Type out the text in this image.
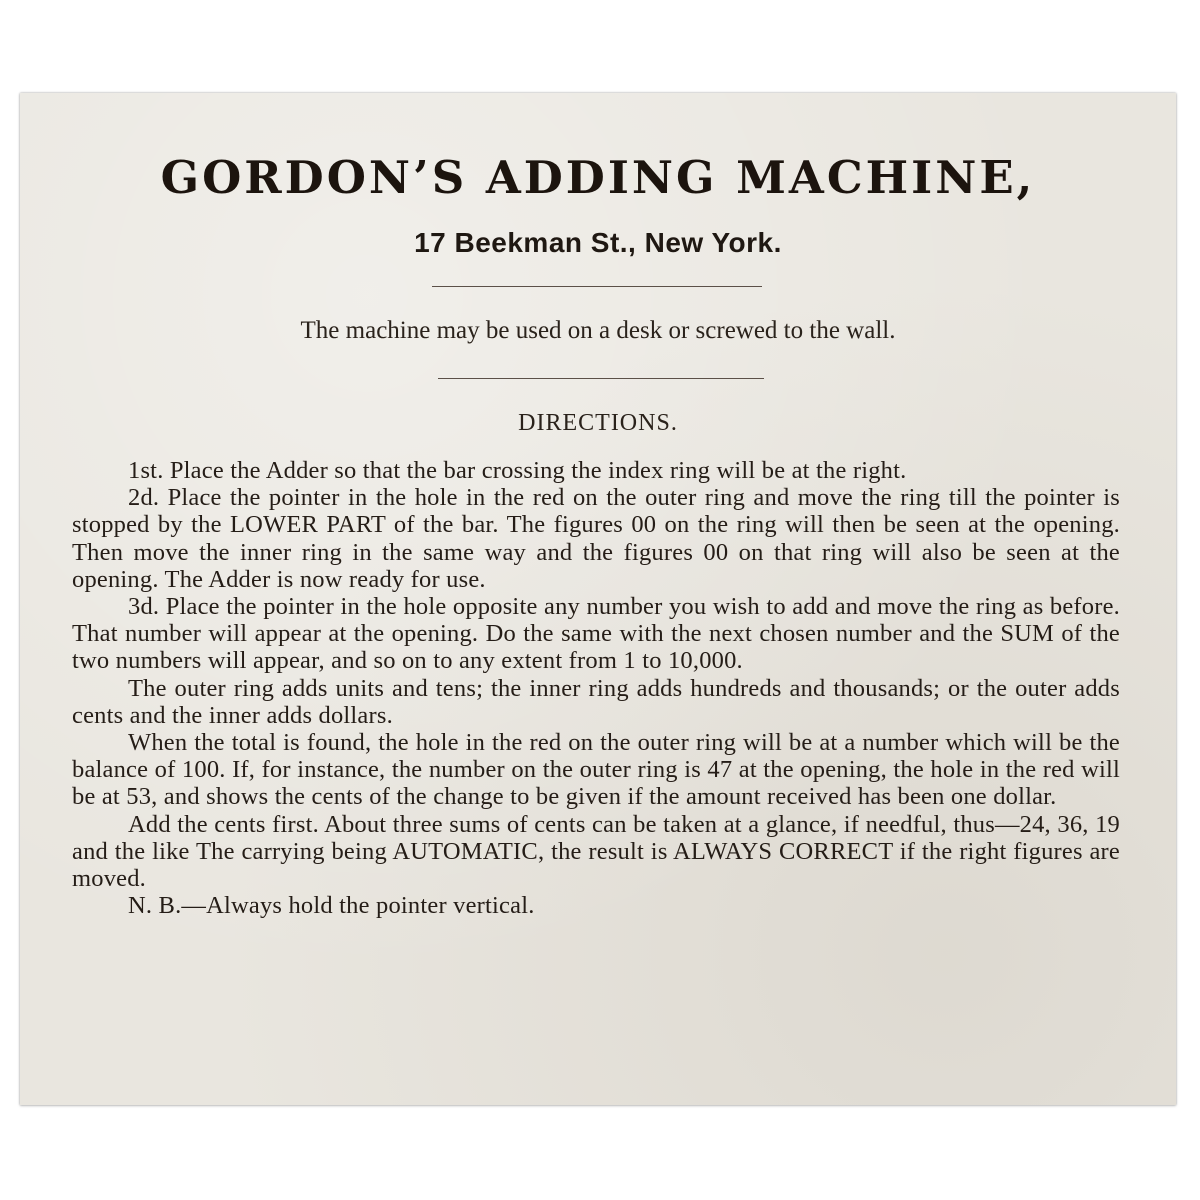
GORDON’S ADDING MACHINE,
17 Beekman St., New York.
The machine may be used on a desk or screwed to the wall.
DIRECTIONS.

1st. Place the Adder so that the bar crossing the index ring will be at the right.

2d. Place the pointer in the hole in the red on the outer ring and move the ring till the pointer is stopped by the LOWER PART of the bar. The figures 00 on the ring will then be seen at the opening. Then move the inner ring in the same way and the figures 00 on that ring will also be seen at the opening. The Adder is now ready for use.

3d. Place the pointer in the hole opposite any number you wish to add and move the ring as before. That number will appear at the opening. Do the same with the next chosen number and the SUM of the two numbers will appear, and so on to any extent from 1 to 10,000.

The outer ring adds units and tens; the inner ring adds hundreds and thousands; or the outer adds cents and the inner adds dollars.

When the total is found, the hole in the red on the outer ring will be at a number which will be the balance of 100. If, for instance, the number on the outer ring is 47 at the opening, the hole in the red will be at 53, and shows the cents of the change to be given if the amount received has been one dollar.

Add the cents first. About three sums of cents can be taken at a glance, if needful, thus—24, 36, 19 and the like The carrying being AUTOMATIC, the result is ALWAYS CORRECT if the right figures are moved.

N. B.—Always hold the pointer vertical.
